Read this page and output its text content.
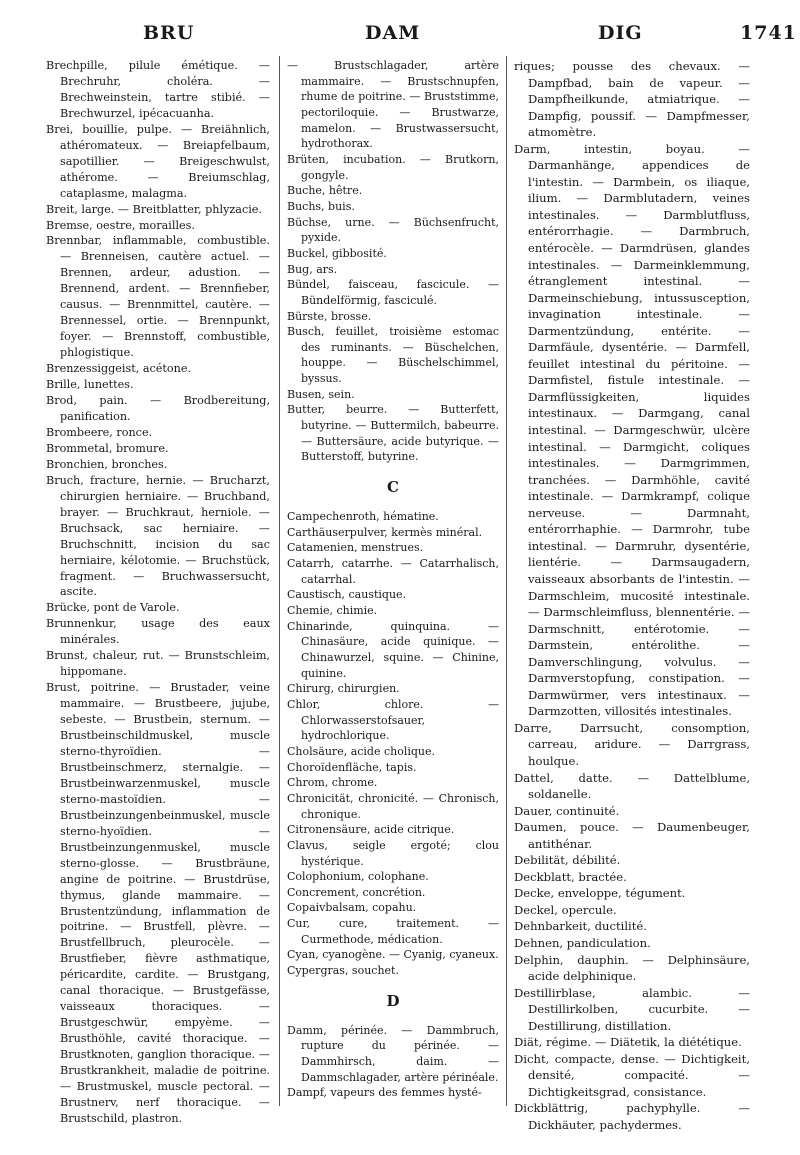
BRU	DAM	DIG	1741

Brechpille, pilule émétique. — Brechruhr, choléra. — Brechweinstein, tartre stibié. — Brechwurzel, ipécacuanha.

Brei, bouillie, pulpe. — Breiähnlich, athéromateux. — Breiapfelbaum, sapotillier. — Breigeschwulst, athérome. — Breiumschlag, cataplasme, malagma.

Breit, large. — Breitblatter, phlyzacie.

Bremse, oestre, morailles.

Brennbar, inflammable, combustible. — Brenneisen, cautère actuel. — Brennen, ardeur, adustion. — Brennend, ardent. — Brennfieber, causus. — Brennmittel, cautère. — Brennessel, ortie. — Brennpunkt, foyer. — Brennstoff, combustible, phlogistique.

Brenzessiggeist, acétone.

Brille, lunettes.

Brod, pain. — Brodbereitung, panification.

Brombeere, ronce.

Brommetal, bromure.

Bronchien, bronches.

Bruch, fracture, hernie. — Brucharzt, chirurgien herniaire. — Bruchband, brayer. — Bruchkraut, herniole. — Bruchsack, sac herniaire. — Bruchschnitt, incision du sac herniaire, kélotomie. — Bruchstück, fragment. — Bruchwassersucht, ascite.

Brücke, pont de Varole.

Brunnenkur, usage des eaux minérales.

Brunst, chaleur, rut. — Brunstschleim, hippomane.

Brust, poitrine. — Brustader, veine mammaire. — Brustbeere, jujube, sebeste. — Brustbein, sternum. — Brustbeinschildmuskel, muscle sterno-thyroïdien. — Brustbeinschmerz, sternalgie. — Brustbeinwarzenmuskel, muscle sterno-mastoïdien. — Brustbeinzungenbeinmuskel, muscle sterno-hyoïdien. — Brustbeinzungenmuskel, muscle sterno-glosse. — Brustbräune, angine de poitrine. — Brustdrüse, thymus, glande mammaire. — Brustentzündung, inflammation de poitrine. — Brustfell, plèvre. — Brustfellbruch, pleurocèle. — Brustfieber, fièvre asthmatique, péricardite, cardite. — Brustgang, canal thoracique. — Brustgefässe, vaisseaux thoraciques. — Brustgeschwür, empyème. — Brusthöhle, cavité thoracique. — Brustknoten, ganglion thoracique. — Brustkrankheit, maladie de poitrine. — Brustmuskel, muscle pectoral. — Brustnerv, nerf thoracique. — Brustschild, plastron.

— Brustschlagader, artère mammaire. — Brustschnupfen, rhume de poitrine. — Bruststimme, pectoriloquie. — Brustwarze, mamelon. — Brustwassersucht, hydrothorax.

Brüten, incubation. — Brutkorn, gongyle.

Buche, hêtre.

Buchs, buis.

Büchse, urne. — Büchsenfrucht, pyxide.

Buckel, gibbosité.

Bug, ars.

Bündel, faisceau, fascicule. — Bündelförmig, fasciculé.

Bürste, brosse.

Busch, feuillet, troisième estomac des ruminants. — Büschelchen, houppe. — Büschelschimmel, byssus.

Busen, sein.

Butter, beurre. — Butterfett, butyrine. — Buttermilch, babeurre. — Buttersäure, acide butyrique. — Butterstoff, butyrine.

C

Campechenroth, hématine.

Carthäuserpulver, kermès minéral.

Catamenien, menstrues.

Catarrh, catarrhe. — Catarrhalisch, catarrhal.

Caustisch, caustique.

Chemie, chimie.

Chinarinde, quinquina. — Chinasäure, acide quinique. — Chinawurzel, squine. — Chinine, quinine.

Chirurg, chirurgien.

Chlor, chlore. — Chlorwasserstofsauer, hydrochlorique.

Cholsäure, acide cholique.

Choroïdenfläche, tapis.

Chrom, chrome.

Chronicität, chronicité. — Chronisch, chronique.

Citronensäure, acide citrique.

Clavus, seigle ergoté; clou hystérique.

Colophonium, colophane.

Concrement, concrétion.

Copaivbalsam, copahu.

Cur, cure, traitement. — Curmethode, médication.

Cyan, cyanogène. — Cyanig, cyaneux.

Cypergras, souchet.

D

Damm, périnée. — Dammbruch, rupture du périnée. — Dammhirsch, daim. — Dammschlagader, artère périnéale.

Dampf, vapeurs des femmes hysté-

riques; pousse des chevaux. — Dampfbad, bain de vapeur. — Dampfheilkunde, atmiatrique. — Dampfig, poussif. — Dampfmesser, atmomètre.

Darm, intestin, boyau. — Darmanhänge, appendices de l'intestin. — Darmbein, os iliaque, ilium. — Darmblutadern, veines intestinales. — Darmblutfluss, entérorrhagie. — Darmbruch, entérocèle. — Darmdrüsen, glandes intestinales. — Darmeinklemmung, étranglement intestinal. — Darmeinschiebung, intussusception, invagination intestinale. — Darmentzündung, entérite. — Darmfäule, dysentérie. — Darmfell, feuillet intestinal du péritoine. — Darmfistel, fistule intestinale. — Darmflüssigkeiten, liquides intestinaux. — Darmgang, canal intestinal. — Darmgeschwür, ulcère intestinal. — Darmgicht, coliques intestinales. — Darmgrimmen, tranchées. — Darmhöhle, cavité intestinale. — Darmkrampf, colique nerveuse. — Darmnaht, entérorrhaphie. — Darmrohr, tube intestinal. — Darmruhr, dysentérie, lientérie. — Darmsaugadern, vaisseaux absorbants de l'intestin. — Darmschleim, mucosité intestinale. — Darmschleimfluss, blennentérie. — Darmschnitt, entérotomie. — Darmstein, entérolithe. — Damverschlingung, volvulus. — Darmverstopfung, constipation. — Darmwürmer, vers intestinaux. — Darmzotten, villosités intestinales.

Darre, Darrsucht, consomption, carreau, aridure. — Darrgrass, houlque.

Dattel, datte. — Dattelblume, soldanelle.

Dauer, continuité.

Daumen, pouce. — Daumenbeuger, antithénar.

Debilität, débilité.

Deckblatt, bractée.

Decke, enveloppe, tégument.

Deckel, opercule.

Dehnbarkeit, ductilité.

Dehnen, pandiculation.

Delphin, dauphin. — Delphinsäure, acide delphinique.

Destillirblase, alambic. — Destillirkolben, cucurbite. — Destillirung, distillation.

Diät, régime. — Diätetik, la diététique.

Dicht, compacte, dense. — Dichtigkeit, densité, compacité. — Dichtigkeitsgrad, consistance.

Dickblättrig, pachyphylle. — Dickhäuter, pachydermes.
